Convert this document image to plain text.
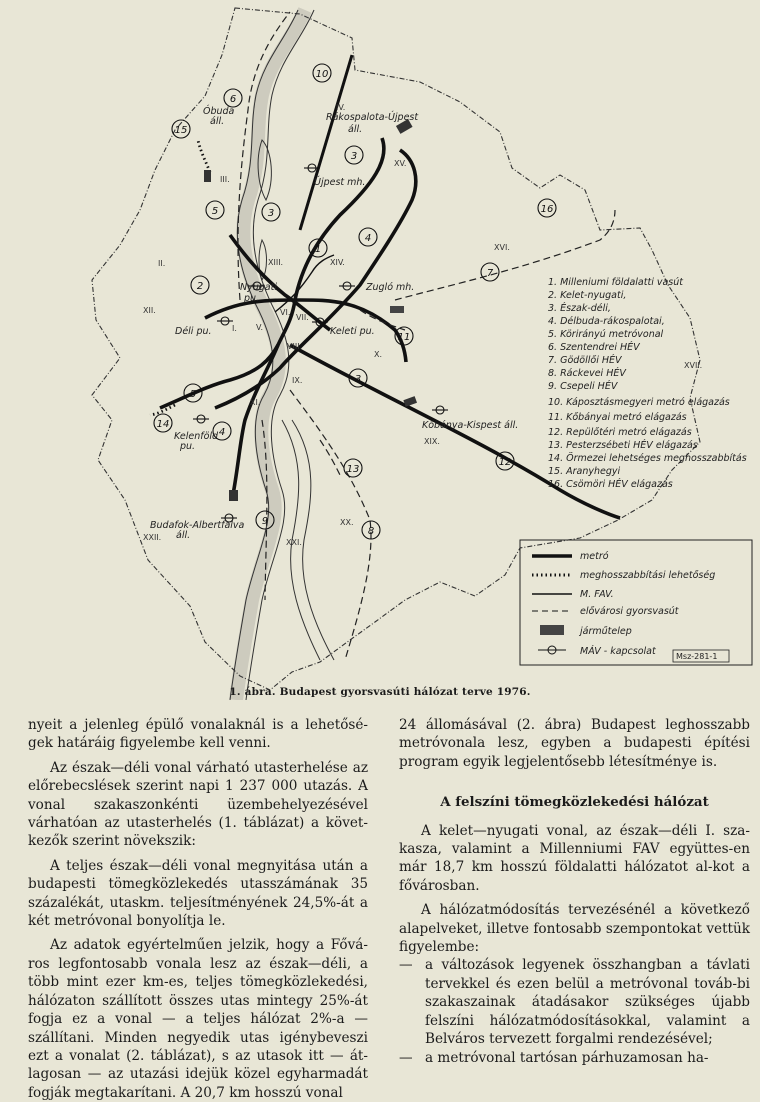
10
6
15
3
5	3	16
4
1
7
2
11
3
5
14
4
12
13
9
8
Óbuda
áll.	Rákospalota-Újpest
áll.
Újpest mh.
Nyugati
pu.
Zugló mh.
Déli pu.	Keleti pu.
Kelenföld
pu.
Kőbánya-Kispest áll.
Budafok-Albertfalva
áll.
I.
II.
III.
IV.
V.
VI.
VII.
VIII.
IX.
X.
XI.
XII.
XIII.	XIV.
XV.
XVI.
XVII.
XIX.
XX.
XXI.
XXII.
1. Milleniumi földalatti vasút
2. Kelet-nyugati,
3. Észak-déli,
4. Délbuda-rákospalotai,
5. Körirányú metróvonal
6. Szentendrei HÉV
7. Gödöllői HÉV
8. Ráckevei HÉV
9. Csepeli HÉV
10. Káposztásmegyeri metró elágazás
11. Kőbányai metró elágazás
12. Repülőtéri metró elágazás
13. Pesterzsébeti HÉV elágazás
14. Örmezei lehetséges meghosszabbítás
15. Aranyhegyi
16. Csömöri HÉV elágazás
metró
meghosszabbítási lehetőség
M. FAV.
elővárosi gyorsvasút
járműtelep
MÁV - kapcsolat	Msz-281-1
1. ábra. Budapest gyorsvasúti hálózat terve 1976.

nyeit a jelenleg épülő vonalaknál is a lehetősé-gek határáig figyelembe kell venni.

Az észak—déli vonal várható utasterhelése az előrebecslések szerint napi 1 237 000 utazás. A vonal szakaszonkénti üzembehelyezésével várhatóan az utasterhelés (1. táblázat) a követ-kezők szerint növekszik:

A teljes észak—déli vonal megnyitása után a budapesti tömegközlekedés utasszámának 35 százalékát, utaskm. teljesítményének 24,5%-át a két metróvonal bonyolítja le.

Az adatok egyértelműen jelzik, hogy a Fővá-ros legfontosabb vonala lesz az észak—déli, a több mint ezer km-es, teljes tömegközlekedési, hálózaton szállított összes utas mintegy 25%-át fogja ez a vonal — a teljes hálózat 2%-a — szállítani. Minden negyedik utas igénybeveszi ezt a vonalat (2. táblázat), s az utasok itt — át-lagosan — az utazási idejük közel egyharmadát fogják megtakarítani. A 20,7 km hosszú vonal

24 állomásával (2. ábra) Budapest leghosszabb metróvonala lesz, egyben a budapesti építési program egyik legjelentősebb létesítménye is.

A felszíni tömegközlekedési hálózat

A kelet—nyugati vonal, az észak—déli I. sza-kasza, valamint a Millenniumi FAV együttes-en már 18,7 km hosszú földalatti hálózatot al-kot a fővárosban.

A hálózatmódosítás tervezésénél a következő alapelveket, illetve fontosabb szempontokat vettük figyelembe:

— a változások legyenek összhangban a távlati tervekkel és ezen belül a metróvonal továb-bi szakaszainak átadásakor szükséges újabb felszíni hálózatmódosításokkal, valamint a Belváros tervezett forgalmi rendezésével;
— a metróvonal tartósan párhuzamosan ha-
